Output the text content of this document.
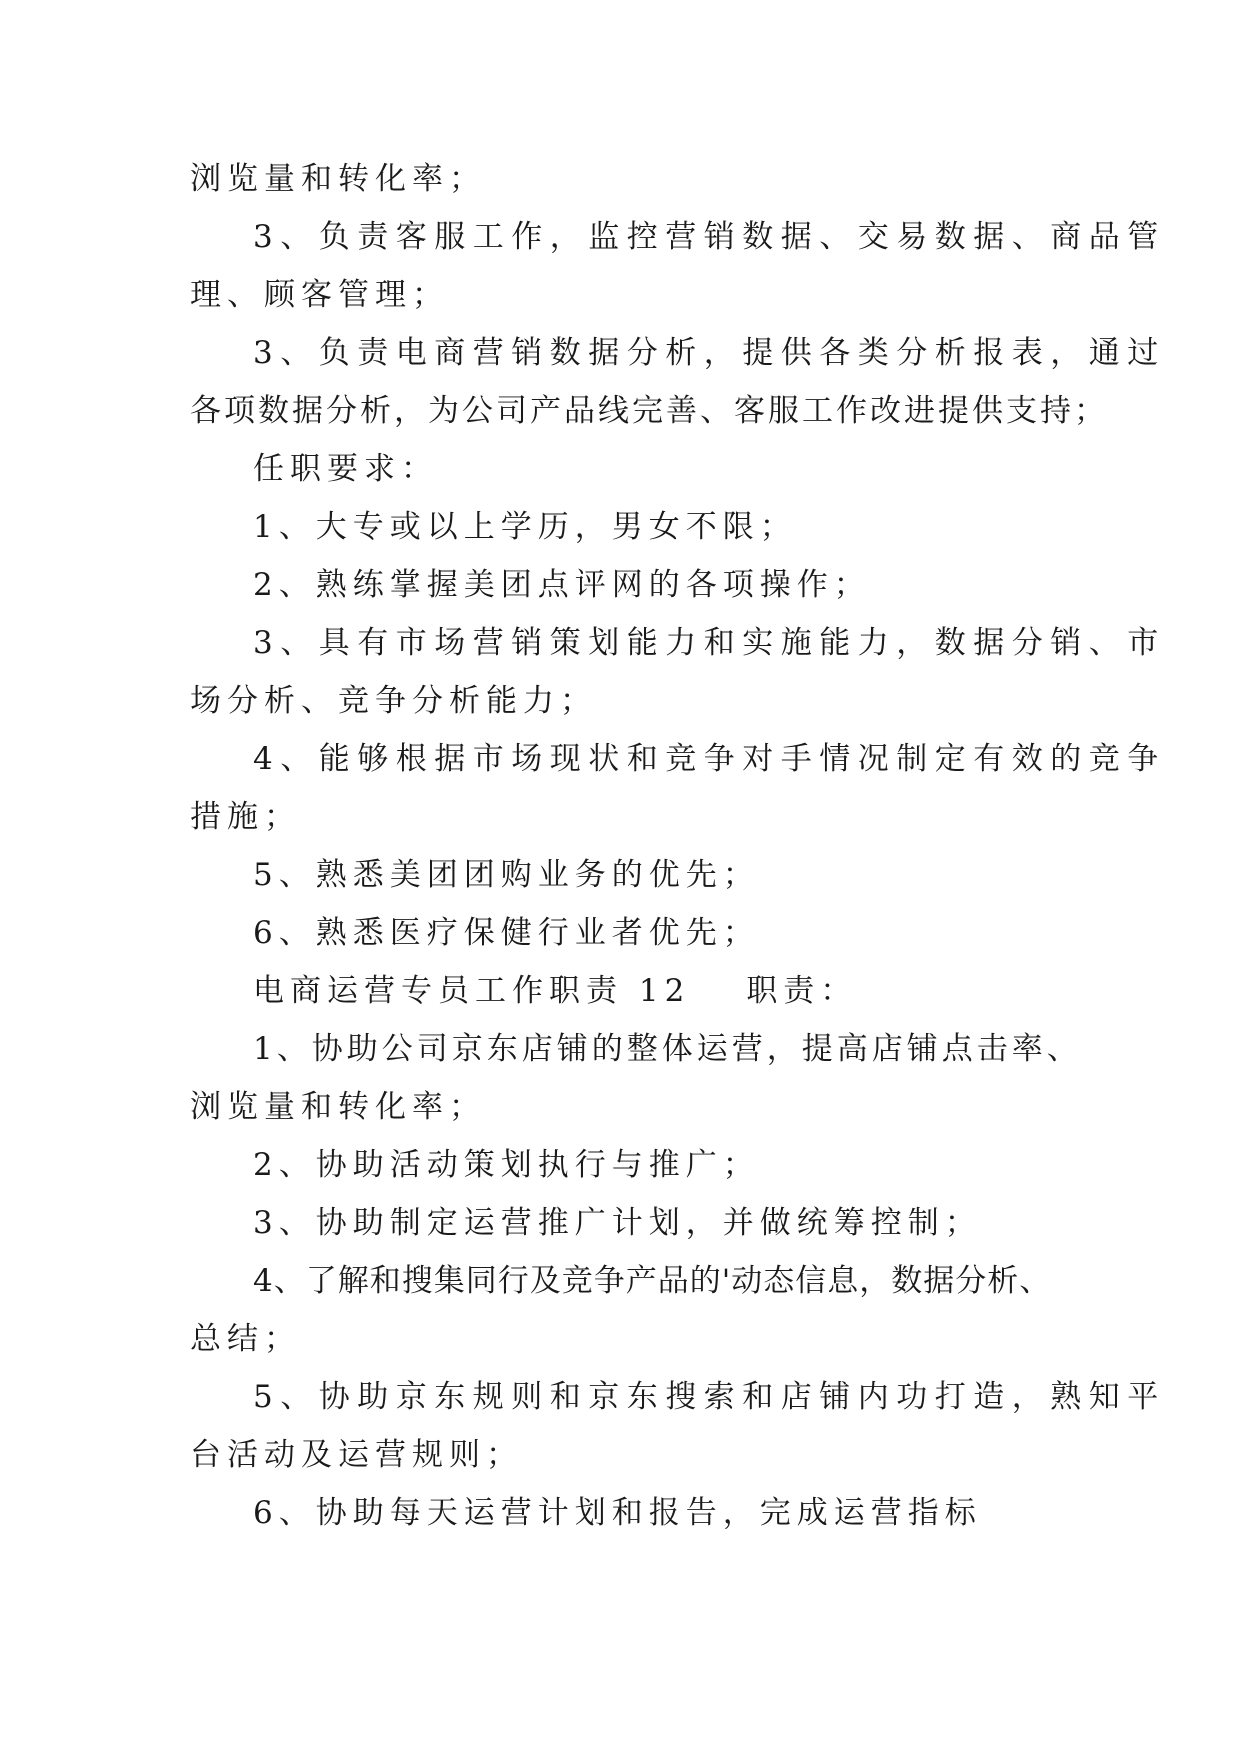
浏览量和转化率；
3、负责客服工作，监控营销数据、交易数据、商品管
理、顾客管理；
3、负责电商营销数据分析，提供各类分析报表，通过
各项数据分析，为公司产品线完善、客服工作改进提供支持；
任职要求：
1、大专或以上学历，男女不限；
2、熟练掌握美团点评网的各项操作；
3、具有市场营销策划能力和实施能力，数据分销、市
场分析、竞争分析能力；
4、能够根据市场现状和竞争对手情况制定有效的竞争
措施；
5、熟悉美团团购业务的优先；
6、熟悉医疗保健行业者优先；
电商运营专员工作职责 12 职责：
1、协助公司京东店铺的整体运营，提高店铺点击率、
浏览量和转化率；
2、协助活动策划执行与推广；
3、协助制定运营推广计划，并做统筹控制；
4、了解和搜集同行及竞争产品的'动态信息，数据分析、
总结；
5、协助京东规则和京东搜索和店铺内功打造，熟知平
台活动及运营规则；
6、协助每天运营计划和报告，完成运营指标
